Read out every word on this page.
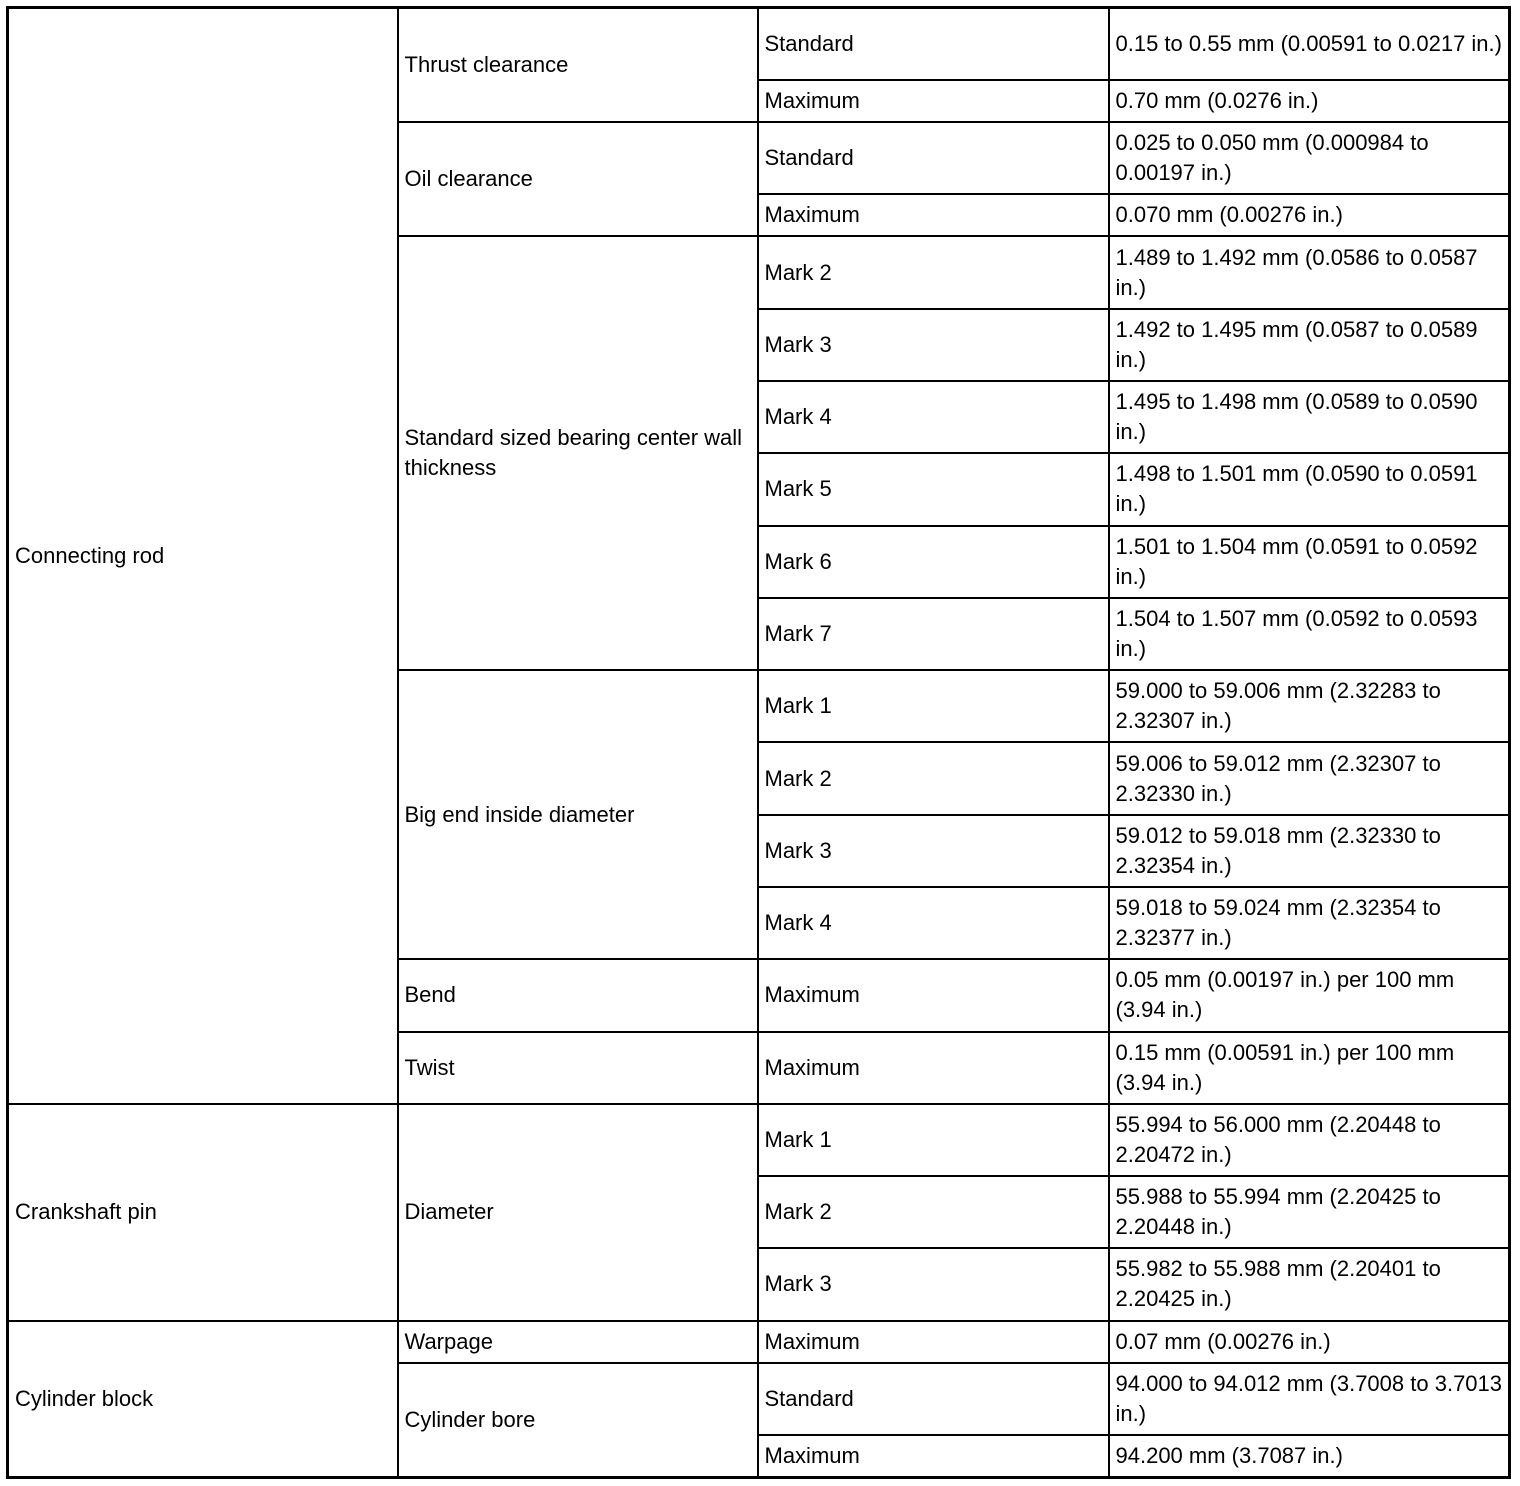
Connecting rod	Thrust clearance	Standard	0.15 to 0.55 mm (0.00591 to 0.0217 in.)
		Maximum	0.70 mm (0.0276 in.)
	Oil clearance	Standard	0.025 to 0.050 mm (0.000984 to 0.00197 in.)
		Maximum	0.070 mm (0.00276 in.)
	Standard sized bearing center wall thickness	Mark 2	1.489 to 1.492 mm (0.0586 to 0.0587 in.)
		Mark 3	1.492 to 1.495 mm (0.0587 to 0.0589 in.)
		Mark 4	1.495 to 1.498 mm (0.0589 to 0.0590 in.)
		Mark 5	1.498 to 1.501 mm (0.0590 to 0.0591 in.)
		Mark 6	1.501 to 1.504 mm (0.0591 to 0.0592 in.)
		Mark 7	1.504 to 1.507 mm (0.0592 to 0.0593 in.)
	Big end inside diameter	Mark 1	59.000 to 59.006 mm (2.32283 to 2.32307 in.)
		Mark 2	59.006 to 59.012 mm (2.32307 to 2.32330 in.)
		Mark 3	59.012 to 59.018 mm (2.32330 to 2.32354 in.)
		Mark 4	59.018 to 59.024 mm (2.32354 to 2.32377 in.)
	Bend	Maximum	0.05 mm (0.00197 in.) per 100 mm (3.94 in.)
	Twist	Maximum	0.15 mm (0.00591 in.) per 100 mm (3.94 in.)
Crankshaft pin	Diameter	Mark 1	55.994 to 56.000 mm (2.20448 to 2.20472 in.)
		Mark 2	55.988 to 55.994 mm (2.20425 to 2.20448 in.)
		Mark 3	55.982 to 55.988 mm (2.20401 to 2.20425 in.)
Cylinder block	Warpage	Maximum	0.07 mm (0.00276 in.)
	Cylinder bore	Standard	94.000 to 94.012 mm (3.7008 to 3.7013 in.)
		Maximum	94.200 mm (3.7087 in.)
